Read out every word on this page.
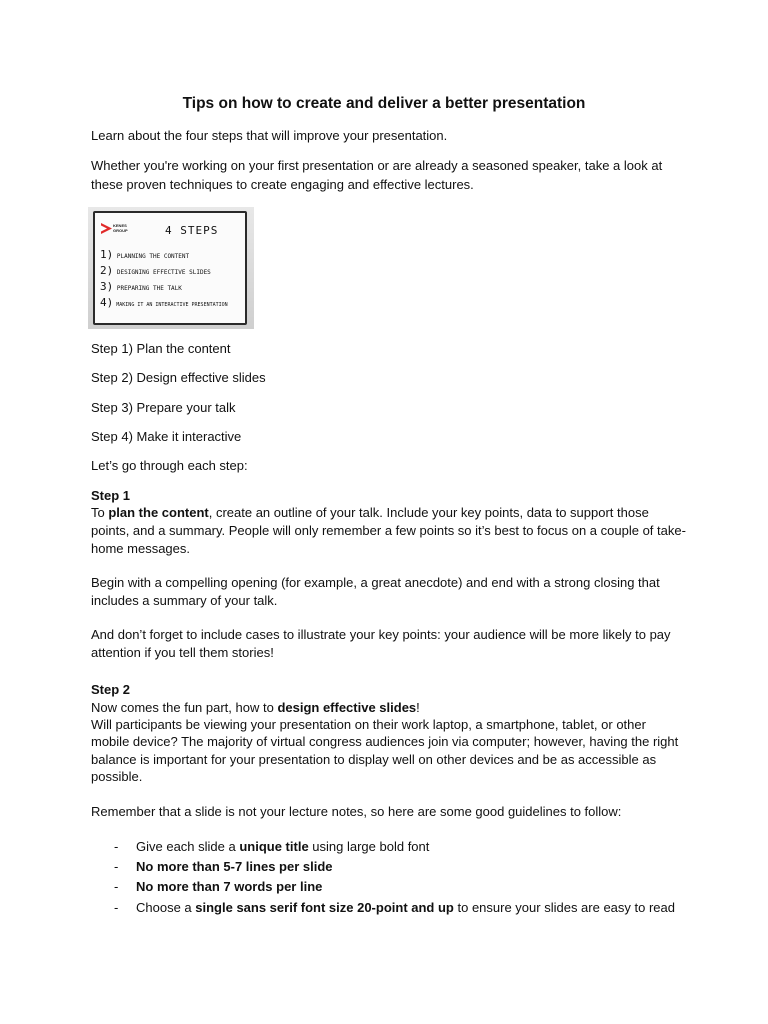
Tips on how to create and deliver a better presentation

Learn about the four steps that will improve your presentation.

Whether you're working on your first presentation or are already a seasoned speaker, take a look at

these proven techniques to create engaging and effective lectures.

KENES
GROUP	4 STEPS
1) PLANNING THE CONTENT
2) DESIGNING EFFECTIVE SLIDES
3) PREPARING THE TALK
4) MAKING IT AN INTERACTIVE PRESENTATION

Step 1) Plan the content

Step 2) Design effective slides

Step 3) Prepare your talk

Step 4) Make it interactive

Let’s go through each step:

Step 1

To plan the content, create an outline of your talk. Include your key points, data to support those

points, and a summary. People will only remember a few points so it’s best to focus on a couple of take-

home messages.

Begin with a compelling opening (for example, a great anecdote) and end with a strong closing that

includes a summary of your talk.

And don’t forget to include cases to illustrate your key points: your audience will be more likely to pay

attention if you tell them stories!

Step 2

Now comes the fun part, how to design effective slides!

Will participants be viewing your presentation on their work laptop, a smartphone, tablet, or other

mobile device? The majority of virtual congress audiences join via computer; however, having the right

balance is important for your presentation to display well on other devices and be as accessible as

possible.

Remember that a slide is not your lecture notes, so here are some good guidelines to follow:

- Give each slide a unique title using large bold font
- No more than 5-7 lines per slide
- No more than 7 words per line
- Choose a single sans serif font size 20-point and up to ensure your slides are easy to read
